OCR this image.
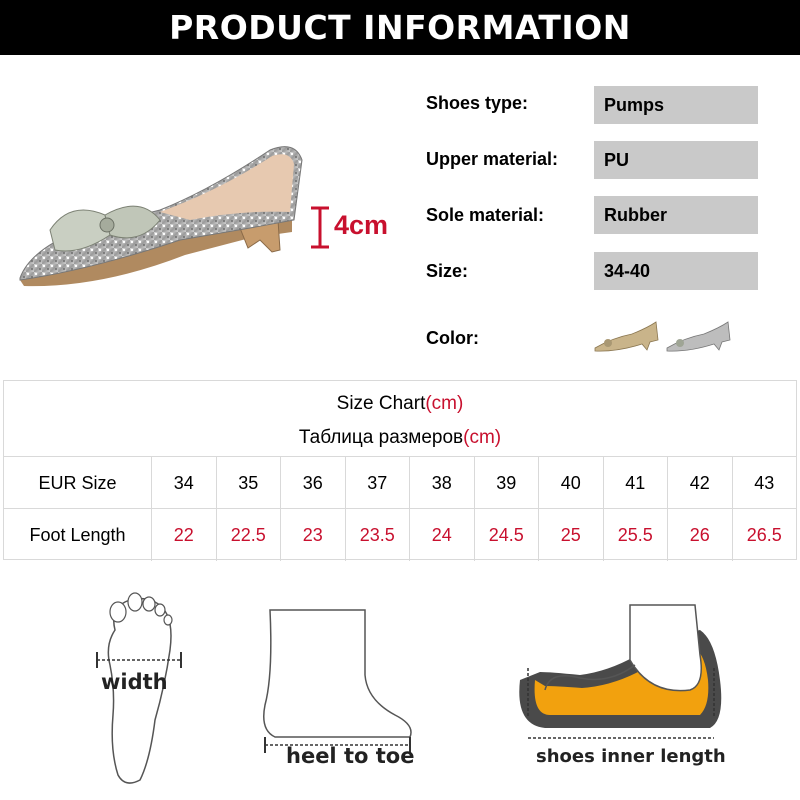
PRODUCT INFORMATION
4cm
Shoes type:	Pumps
Upper material:	PU
Sole material:	Rubber
Size:	34-40
Color:
Size Chart(cm)
Таблица размеров(cm)
EUR Size	34	35	36	37	38	39	40	41	42	43
Foot Length	22	22.5	23	23.5	24	24.5	25	25.5	26	26.5
width
heel to toe	shoes inner length
